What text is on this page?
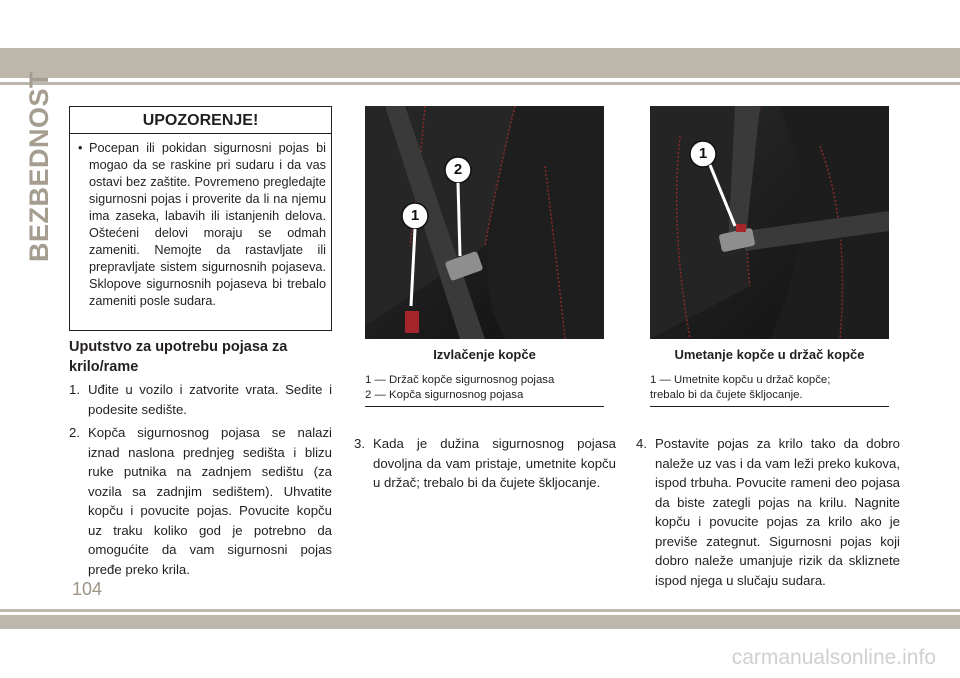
BEZBEDNOST	UPOZORENJE!
• Pocepan ili pokidan sigurnosni pojas bi mogao da se raskine pri sudaru i da vas ostavi bez zaštite. Povremeno pregledajte sigurnosni pojas i proverite da li na njemu ima zaseka, labavih ili istanjenih delova. Oštećeni delovi moraju se odmah zameniti. Nemojte da rastavljate ili prepravljate sistem sigurnosnih pojaseva. Sklopove sigurnosnih pojaseva bi trebalo zameniti posle sudara.
Uputstvo za upotrebu pojasa za krilo/rame
1. Uđite u vozilo i zatvorite vrata. Sedite i podesite sedište.
2. Kopča sigurnosnog pojasa se nalazi iznad naslona prednjeg sedišta i blizu ruke putnika na zadnjem sedištu (za vozila sa zadnjim sedištem). Uhvatite kopču i povucite pojas. Povucite kopču uz traku koliko god je potrebno da omogućite da vam sigurnosni pojas pređe preko krila.
1
2
Izvlačenje kopče
1 — Držač kopče sigurnosnog pojasa
2 — Kopča sigurnosnog pojasa
1
Umetanje kopče u držač kopče
1 — Umetnite kopču u držač kopče;
trebalo bi da čujete škljocanje.
3. Kada je dužina sigurnosnog pojasa dovoljna da vam pristaje, umetnite kopču u držač; trebalo bi da čujete škljocanje.
4. Postavite pojas za krilo tako da dobro naleže uz vas i da vam leži preko kukova, ispod trbuha. Povucite rameni deo pojasa da biste zategli pojas na krilu. Nagnite kopču i povucite pojas za krilo ako je previše zategnut. Sigurnosni pojas koji dobro naleže umanjuje rizik da skliznete ispod njega u slučaju sudara.
104
carmanualsonline.info
